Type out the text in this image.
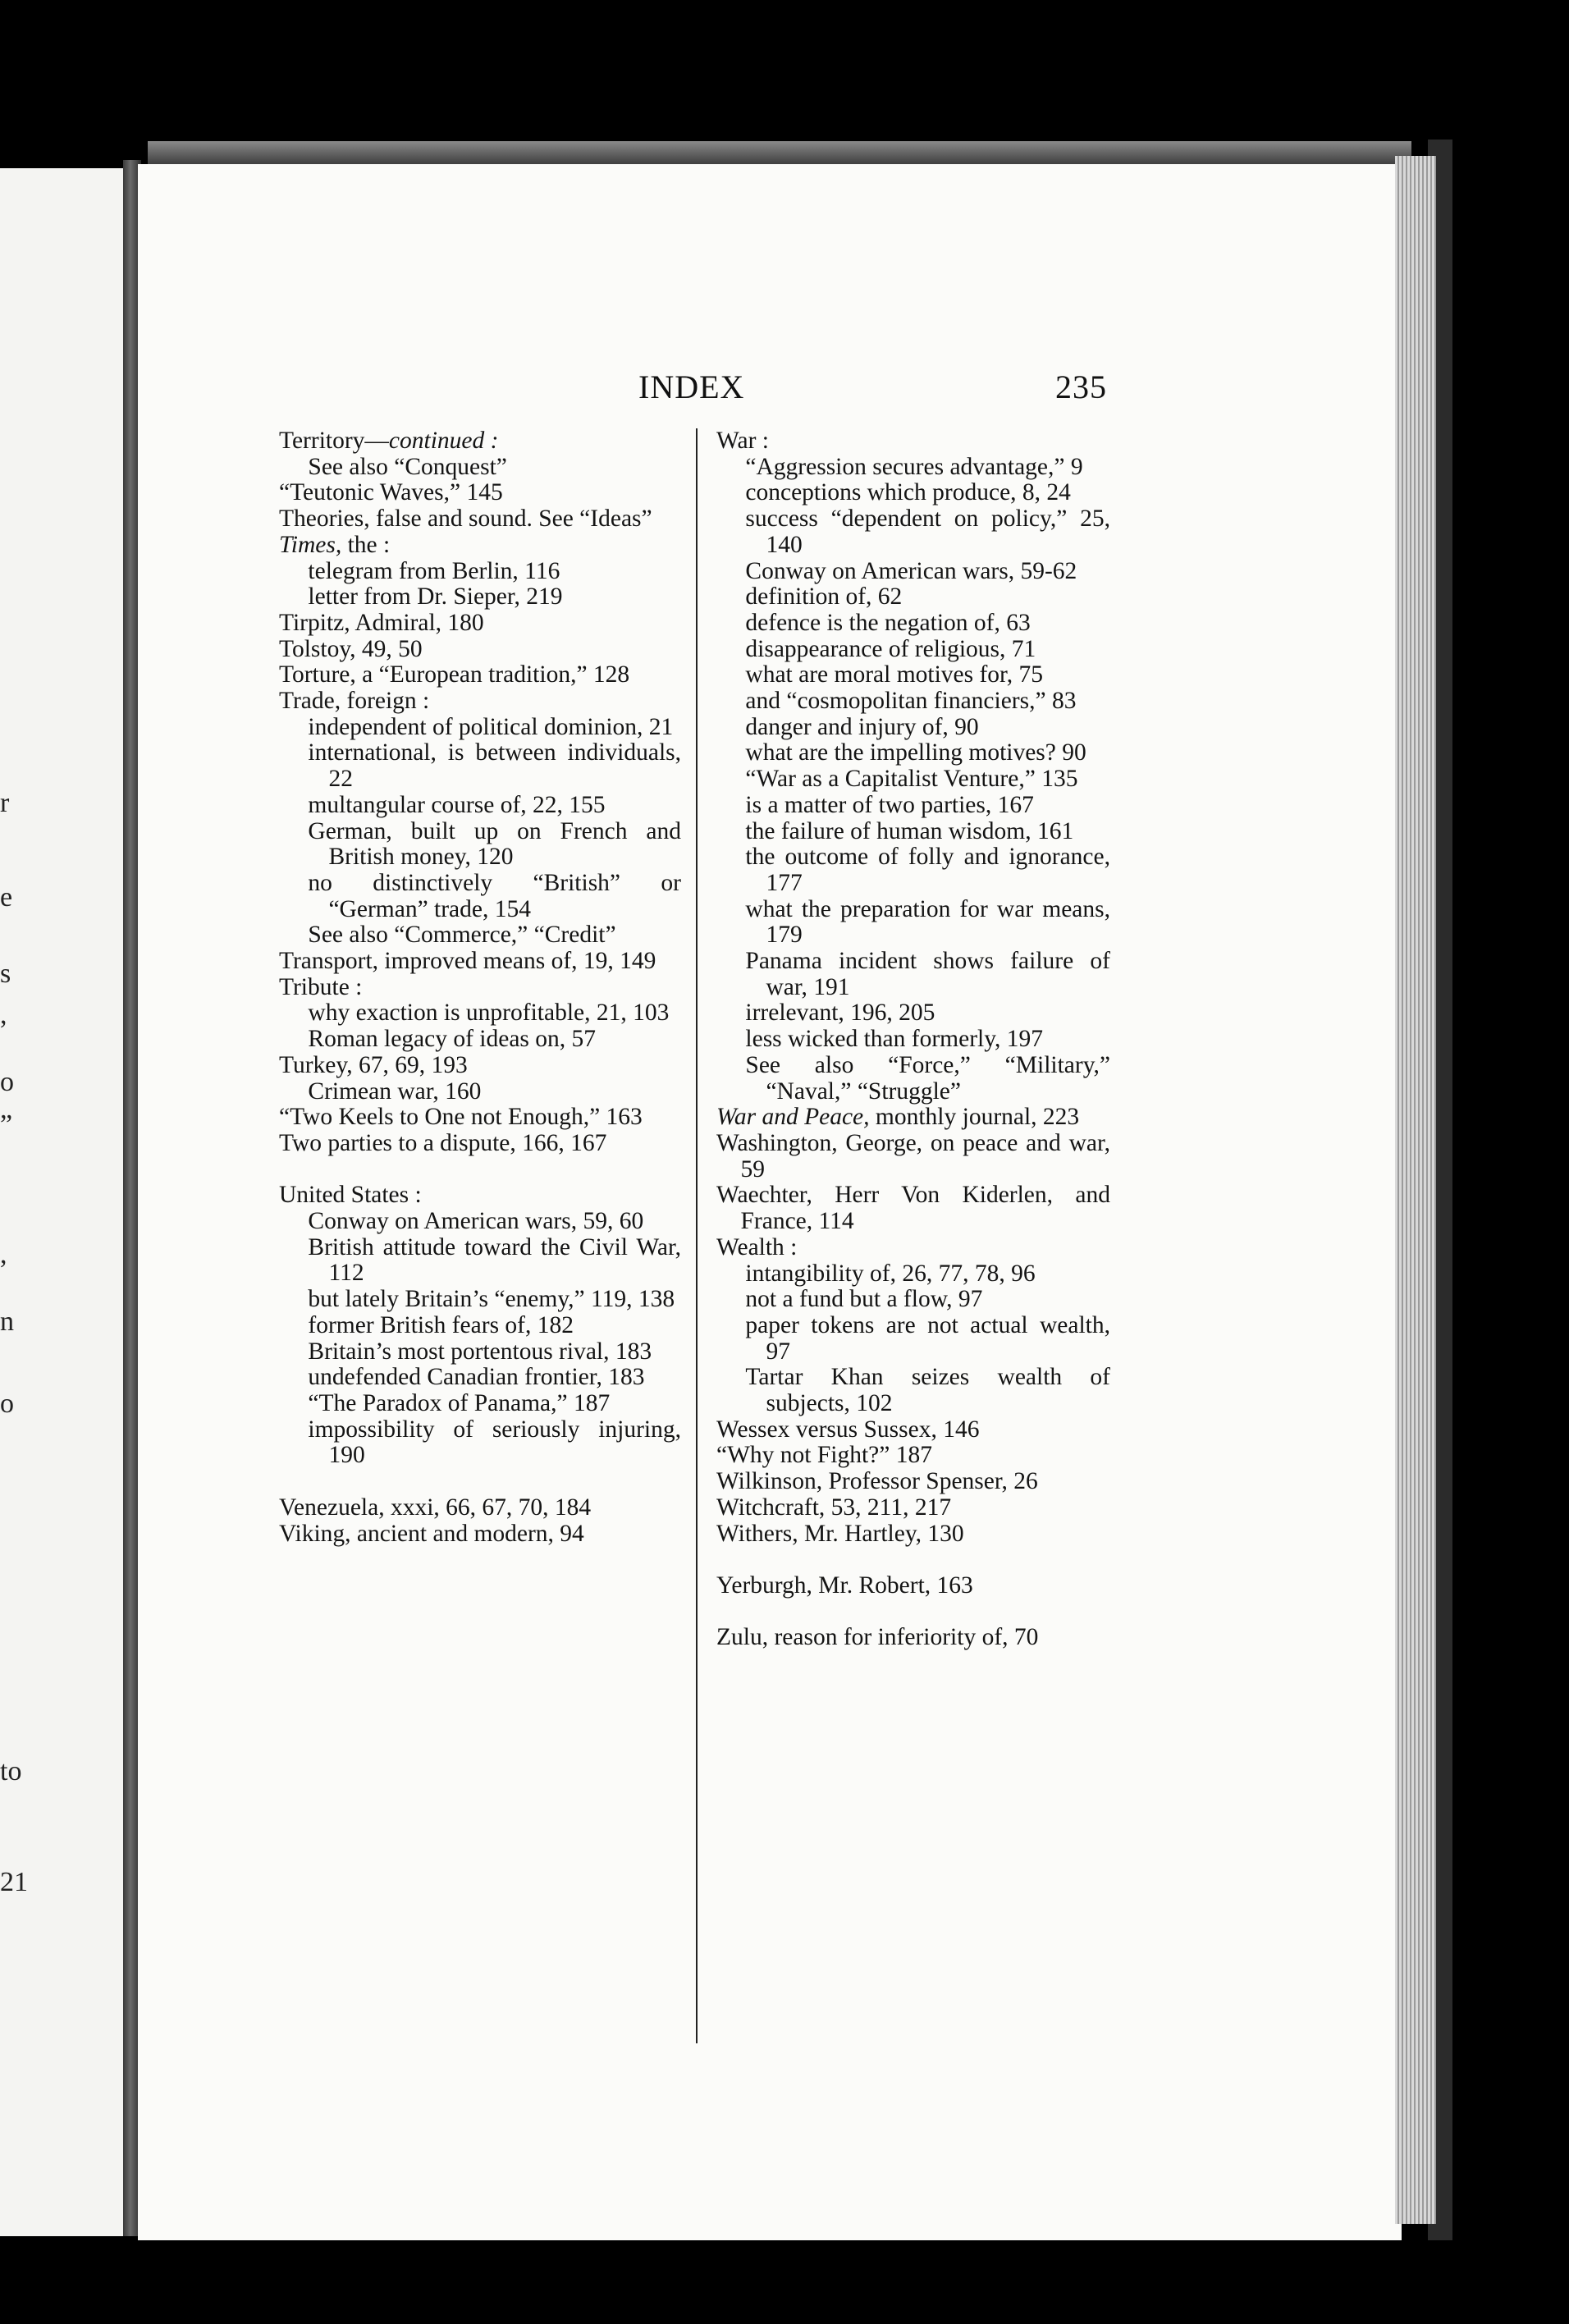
r
e
s
,
o
”
,
n
o
to
21
INDEX	235

Territory—continued :

See also “Conquest”

“Teutonic Waves,” 145

Theories, false and sound. See “Ideas”

Times, the :

telegram from Berlin, 116

letter from Dr. Sieper, 219

Tirpitz, Admiral, 180

Tolstoy, 49, 50

Torture, a “European tradition,” 128

Trade, foreign :

independent of political dominion, 21

international, is between individuals, 22

multangular course of, 22, 155

German, built up on French and British money, 120

no distinctively “British” or “German” trade, 154

See also “Commerce,” “Credit”

Transport, improved means of, 19, 149

Tribute :

why exaction is unprofitable, 21, 103

Roman legacy of ideas on, 57

Turkey, 67, 69, 193

Crimean war, 160

“Two Keels to One not Enough,” 163

Two parties to a dispute, 166, 167

United States :

Conway on American wars, 59, 60

British attitude toward the Civil War, 112

but lately Britain’s “enemy,” 119, 138

former British fears of, 182

Britain’s most portentous rival, 183

undefended Canadian frontier, 183

“The Paradox of Panama,” 187

impossibility of seriously injuring, 190

Venezuela, xxxi, 66, 67, 70, 184

Viking, ancient and modern, 94

War :

“Aggression secures advantage,” 9

conceptions which produce, 8, 24

success “dependent on policy,” 25, 140

Conway on American wars, 59-62

definition of, 62

defence is the negation of, 63

disappearance of religious, 71

what are moral motives for, 75

and “cosmopolitan financiers,” 83

danger and injury of, 90

what are the impelling motives? 90

“War as a Capitalist Venture,” 135

is a matter of two parties, 167

the failure of human wisdom, 161

the outcome of folly and ignorance, 177

what the preparation for war means, 179

Panama incident shows failure of war, 191

irrelevant, 196, 205

less wicked than formerly, 197

See also “Force,” “Military,” “Naval,” “Struggle”

War and Peace, monthly journal, 223

Washington, George, on peace and war, 59

Waechter, Herr Von Kiderlen, and France, 114

Wealth :

intangibility of, 26, 77, 78, 96

not a fund but a flow, 97

paper tokens are not actual wealth, 97

Tartar Khan seizes wealth of subjects, 102

Wessex versus Sussex, 146

“Why not Fight?” 187

Wilkinson, Professor Spenser, 26

Witchcraft, 53, 211, 217

Withers, Mr. Hartley, 130

Yerburgh, Mr. Robert, 163

Zulu, reason for inferiority of, 70
